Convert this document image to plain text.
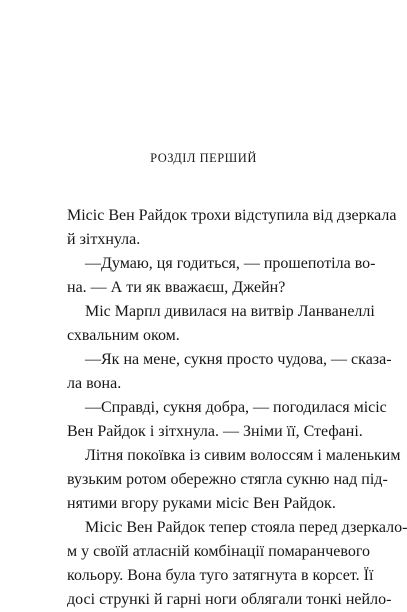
РОЗДІЛ ПЕРШИЙ
Місіс Вен Райдок трохи відступила від дзеркала
й зітхнула.
—Думаю, ця годиться, — прошепотіла во-
на. — А ти як вважаєш, Джейн?
Міс Марпл дивилася на витвір Ланванеллі
схвальним оком.
—Як на мене, сукня просто чудова, — сказа-
ла вона.
—Справді, сукня добра, — погодилася місіс
Вен Райдок і зітхнула. — Зніми її, Стефані.
Літня покоївка із сивим волоссям і маленьким
вузьким ротом обережно стягла сукню над під-
нятими вгору руками місіс Вен Райдок.
Місіс Вен Райдок тепер стояла перед дзеркало-
м у своїй атласній комбінації помаранчевого
кольору. Вона була туго затягнута в корсет. Її
досі стрункі й гарні ноги облягали тонкі нейло-
